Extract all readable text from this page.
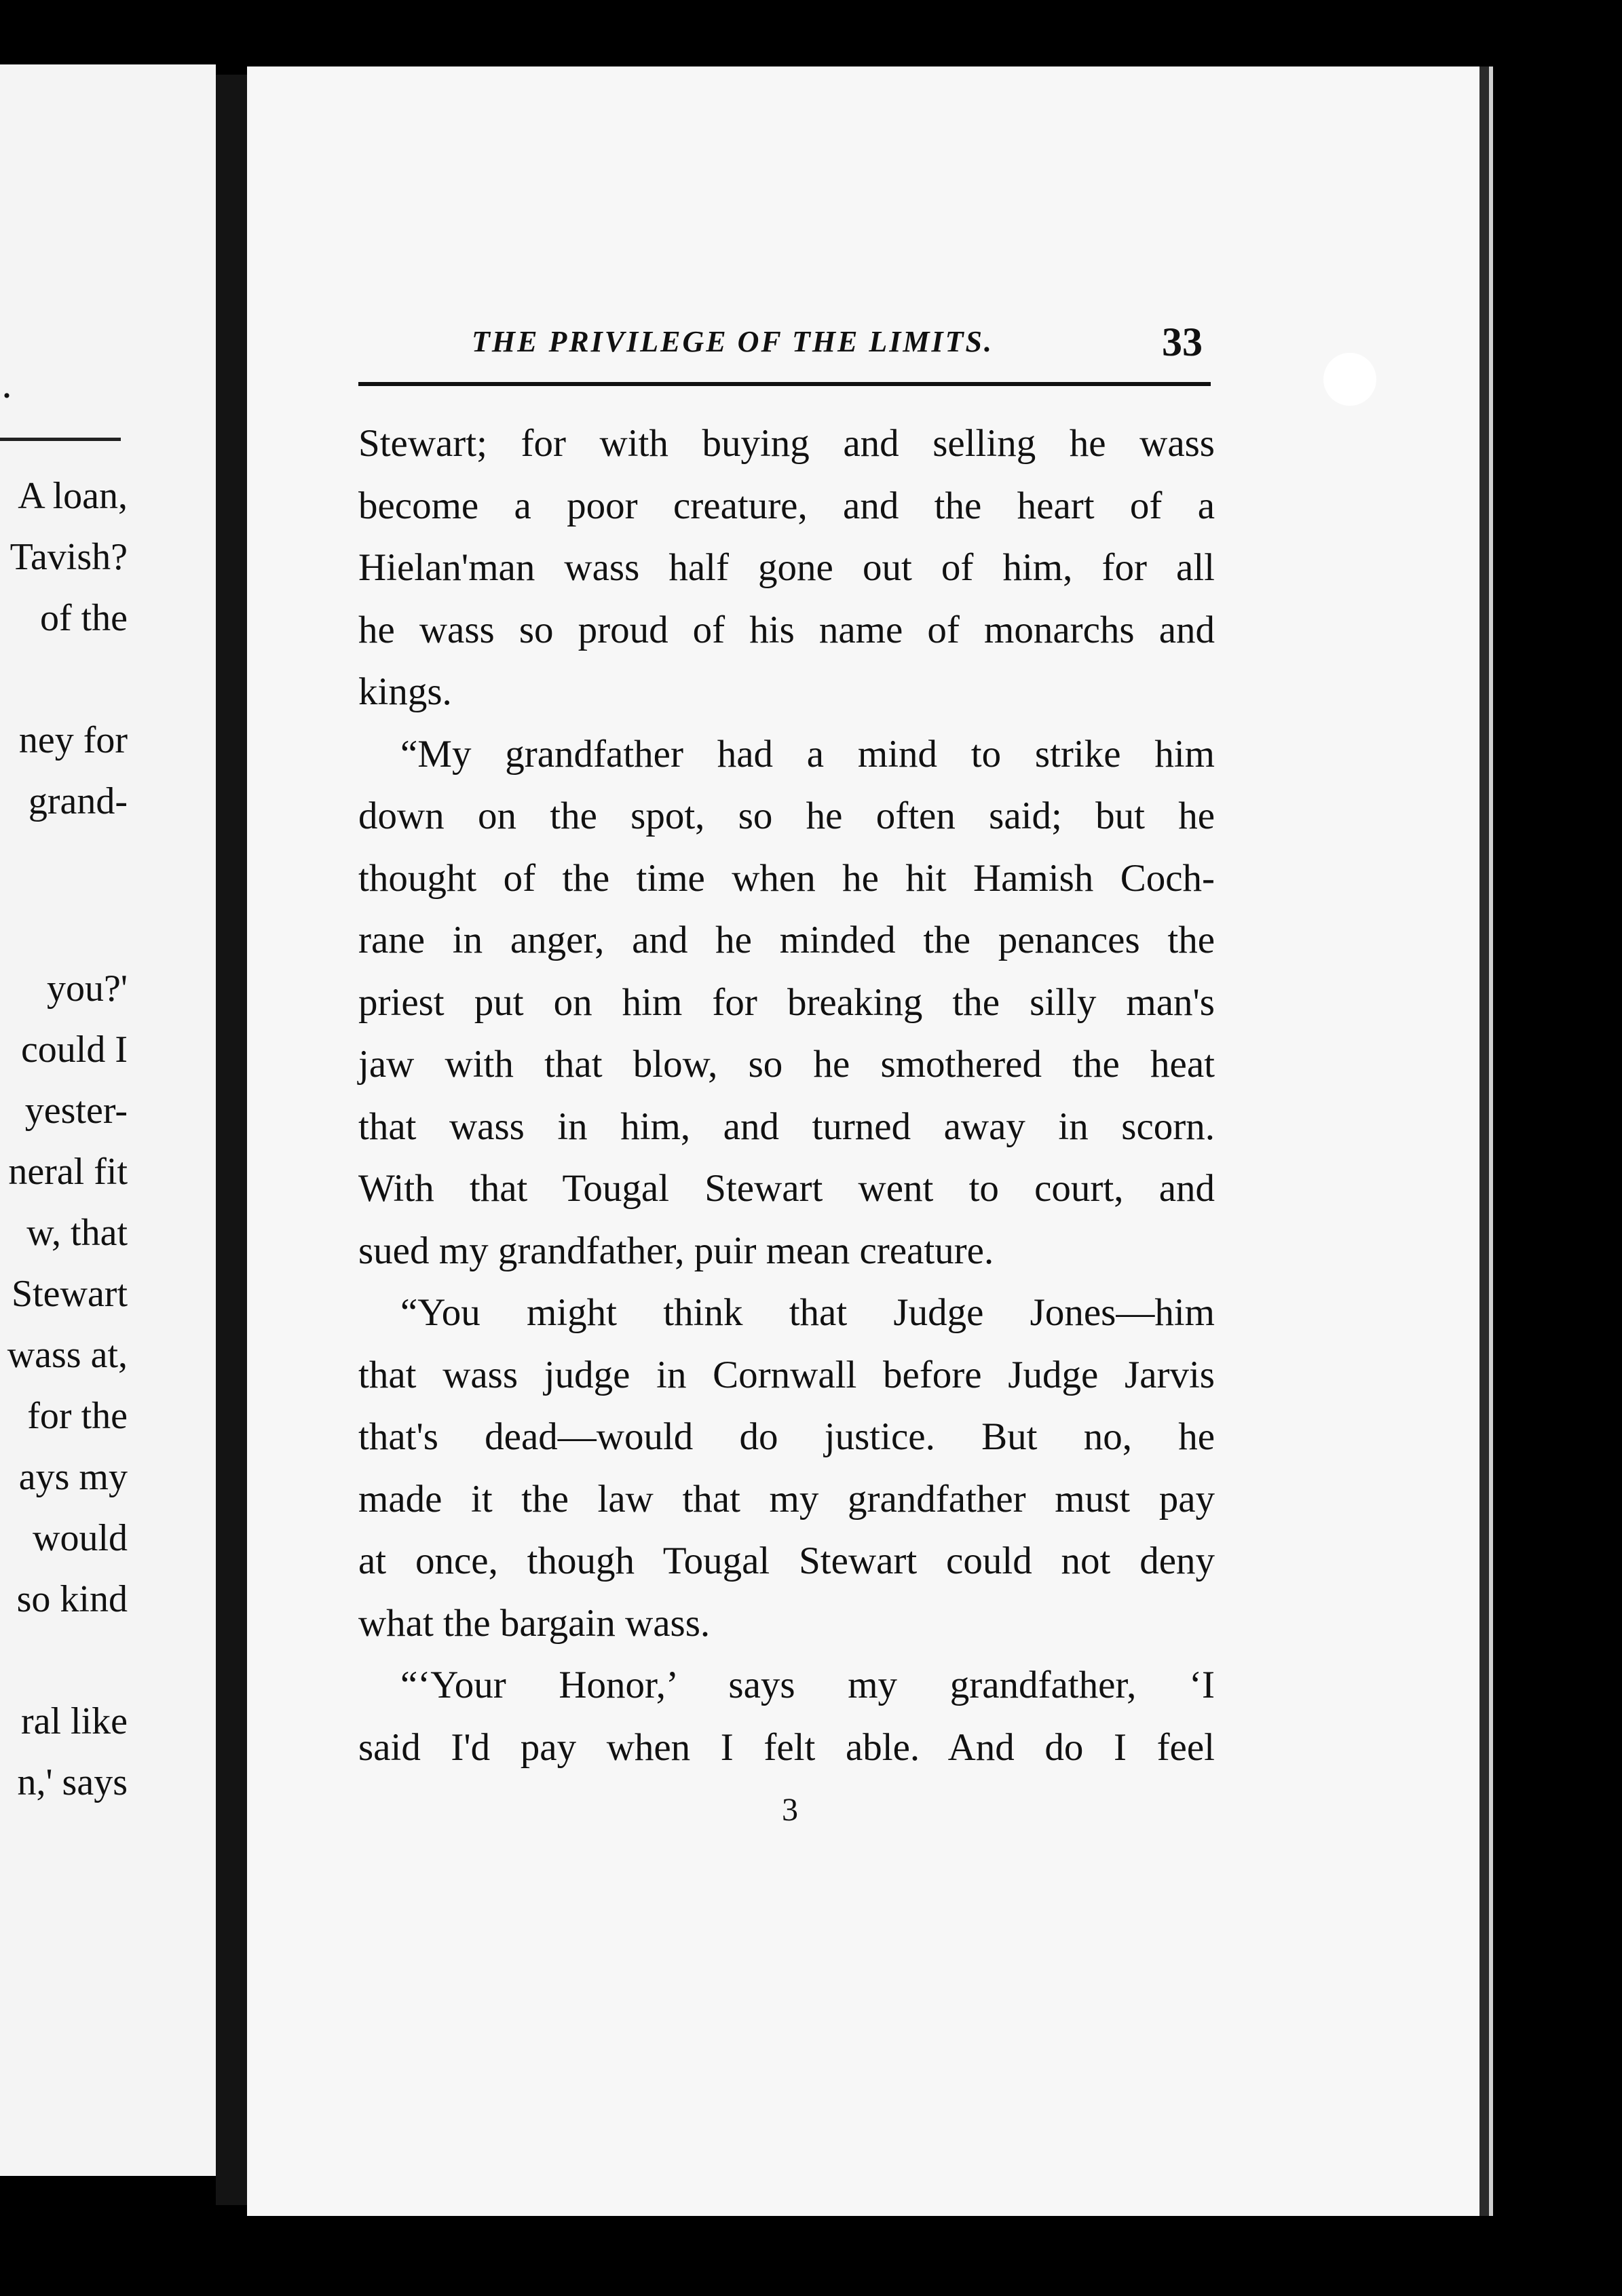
·
A loan,
Tavish?
of the
ney for
grand-
you?'
could I
yester-
neral fit
w, that
Stewart
wass at,
for the
ays my
would
so kind
ral like
n,' says
THE PRIVILEGE OF THE LIMITS.	33
Stewart; for with buying and selling he wass
become a poor creature, and the heart of a
Hielan'man wass half gone out of him, for all
he wass so proud of his name of monarchs and
kings.
“My grandfather had a mind to strike him
down on the spot, so he often said; but he
thought of the time when he hit Hamish Coch-
rane in anger, and he minded the penances the
priest put on him for breaking the silly man's
jaw with that blow, so he smothered the heat
that wass in him, and turned away in scorn.
With that Tougal Stewart went to court, and
sued my grandfather, puir mean creature.
“You might think that Judge Jones—him
that wass judge in Cornwall before Judge Jarvis
that's dead—would do justice. But no, he
made it the law that my grandfather must pay
at once, though Tougal Stewart could not deny
what the bargain wass.
“‘Your Honor,’ says my grandfather, ‘I
said I'd pay when I felt able. And do I feel
3
